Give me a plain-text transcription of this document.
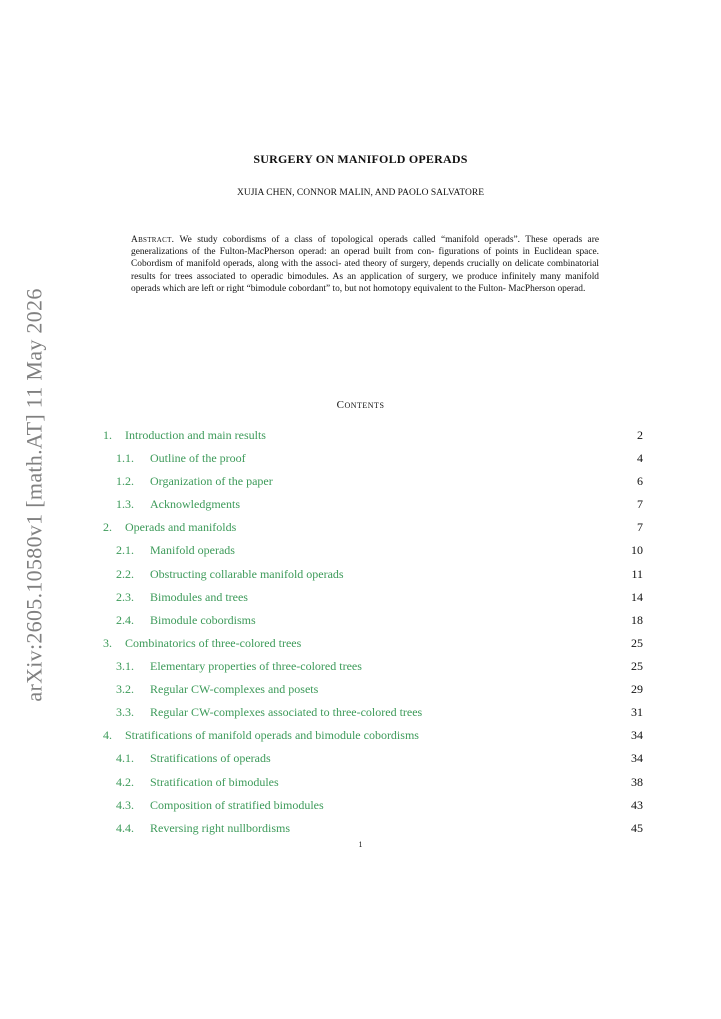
arXiv:2605.10580v1 [math.AT] 11 May 2026
SURGERY ON MANIFOLD OPERADS
XUJIA CHEN, CONNOR MALIN, AND PAOLO SALVATORE
Abstract. We study cobordisms of a class of topological operads called “manifold operads”. These operads are generalizations of the Fulton-MacPherson operad: an operad built from con- figurations of points in Euclidean space. Cobordism of manifold operads, along with the associ- ated theory of surgery, depends crucially on delicate combinatorial results for trees associated to operadic bimodules. As an application of surgery, we produce infinitely many manifold operads which are left or right “bimodule cobordant” to, but not homotopy equivalent to the Fulton- MacPherson operad.
Contents
1. Introduction and main results	2
1.1. Outline of the proof	4
1.2. Organization of the paper	6
1.3. Acknowledgments	7
2. Operads and manifolds	7
2.1. Manifold operads	10
2.2. Obstructing collarable manifold operads	11
2.3. Bimodules and trees	14
2.4. Bimodule cobordisms	18
3. Combinatorics of three-colored trees	25
3.1. Elementary properties of three-colored trees	25
3.2. Regular CW-complexes and posets	29
3.3. Regular CW-complexes associated to three-colored trees	31
4. Stratifications of manifold operads and bimodule cobordisms	34
4.1. Stratifications of operads	34
4.2. Stratification of bimodules	38
4.3. Composition of stratified bimodules	43
4.4. Reversing right nullbordisms	45
1
